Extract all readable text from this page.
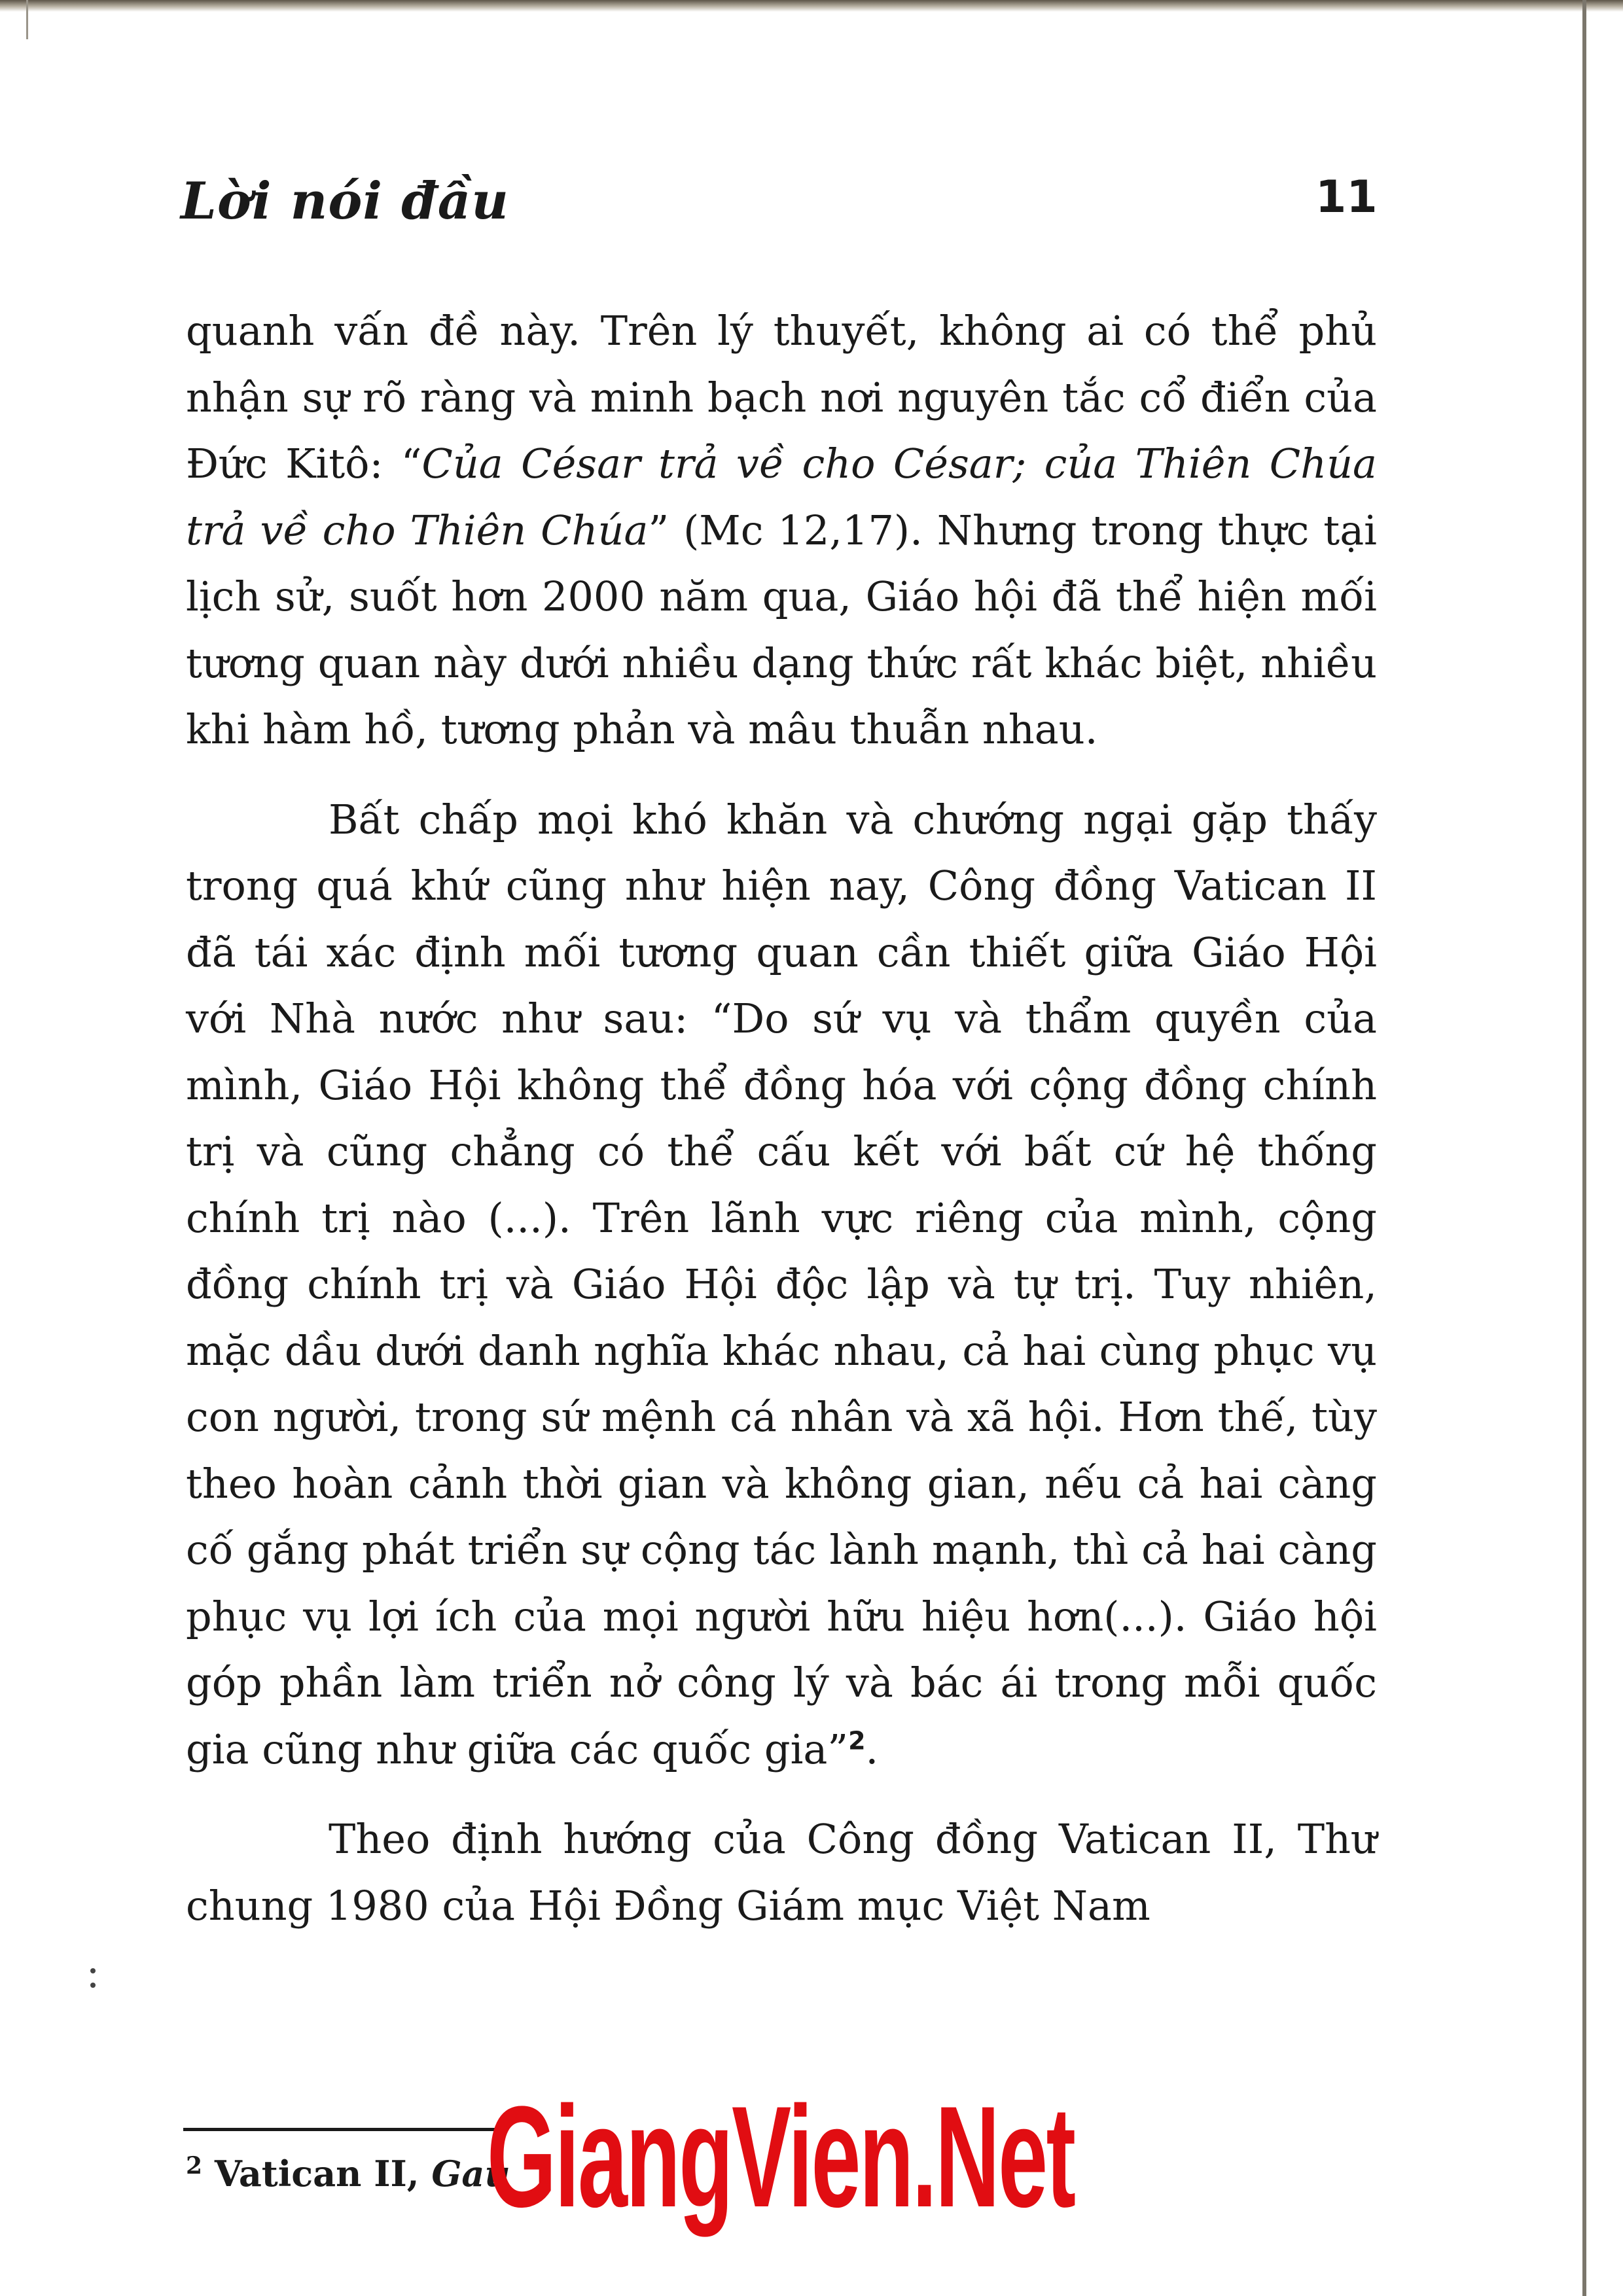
Lời nói đầu	11

quanh vấn đề này. Trên lý thuyết, không ai có thể phủ nhận sự rõ ràng và minh bạch nơi nguyên tắc cổ điển của Đức Kitô: “Của César trả về cho César; của Thiên Chúa trả về cho Thiên Chúa” (Mc 12,17). Nhưng trong thực tại lịch sử, suốt hơn 2000 năm qua, Giáo hội đã thể hiện mối tương quan này dưới nhiều dạng thức rất khác biệt, nhiều khi hàm hồ, tương phản và mâu thuẫn nhau.

Bất chấp mọi khó khăn và chướng ngại gặp thấy trong quá khứ cũng như hiện nay, Công đồng Vatican II đã tái xác định mối tương quan cần thiết giữa Giáo Hội với Nhà nước như sau: “Do sứ vụ và thẩm quyền của mình, Giáo Hội không thể đồng hóa với cộng đồng chính trị và cũng chẳng có thể cấu kết với bất cứ hệ thống chính trị nào (...). Trên lãnh vực riêng của mình, cộng đồng chính trị và Giáo Hội độc lập và tự trị. Tuy nhiên, mặc dầu dưới danh nghĩa khác nhau, cả hai cùng phục vụ con người, trong sứ mệnh cá nhân và xã hội. Hơn thế, tùy theo hoàn cảnh thời gian và không gian, nếu cả hai càng cố gắng phát triển sự cộng tác lành mạnh, thì cả hai càng phục vụ lợi ích của mọi người hữu hiệu hơn(...). Giáo hội góp phần làm triển nở công lý và bác ái trong mỗi quốc gia cũng như giữa các quốc gia”$^2$.

Theo định hướng của Công đồng Vatican II, Thư chung 1980 của Hội Đồng Giám mục Việt Nam

$^2$ Vatican II, Gau
GiangVien.Net
